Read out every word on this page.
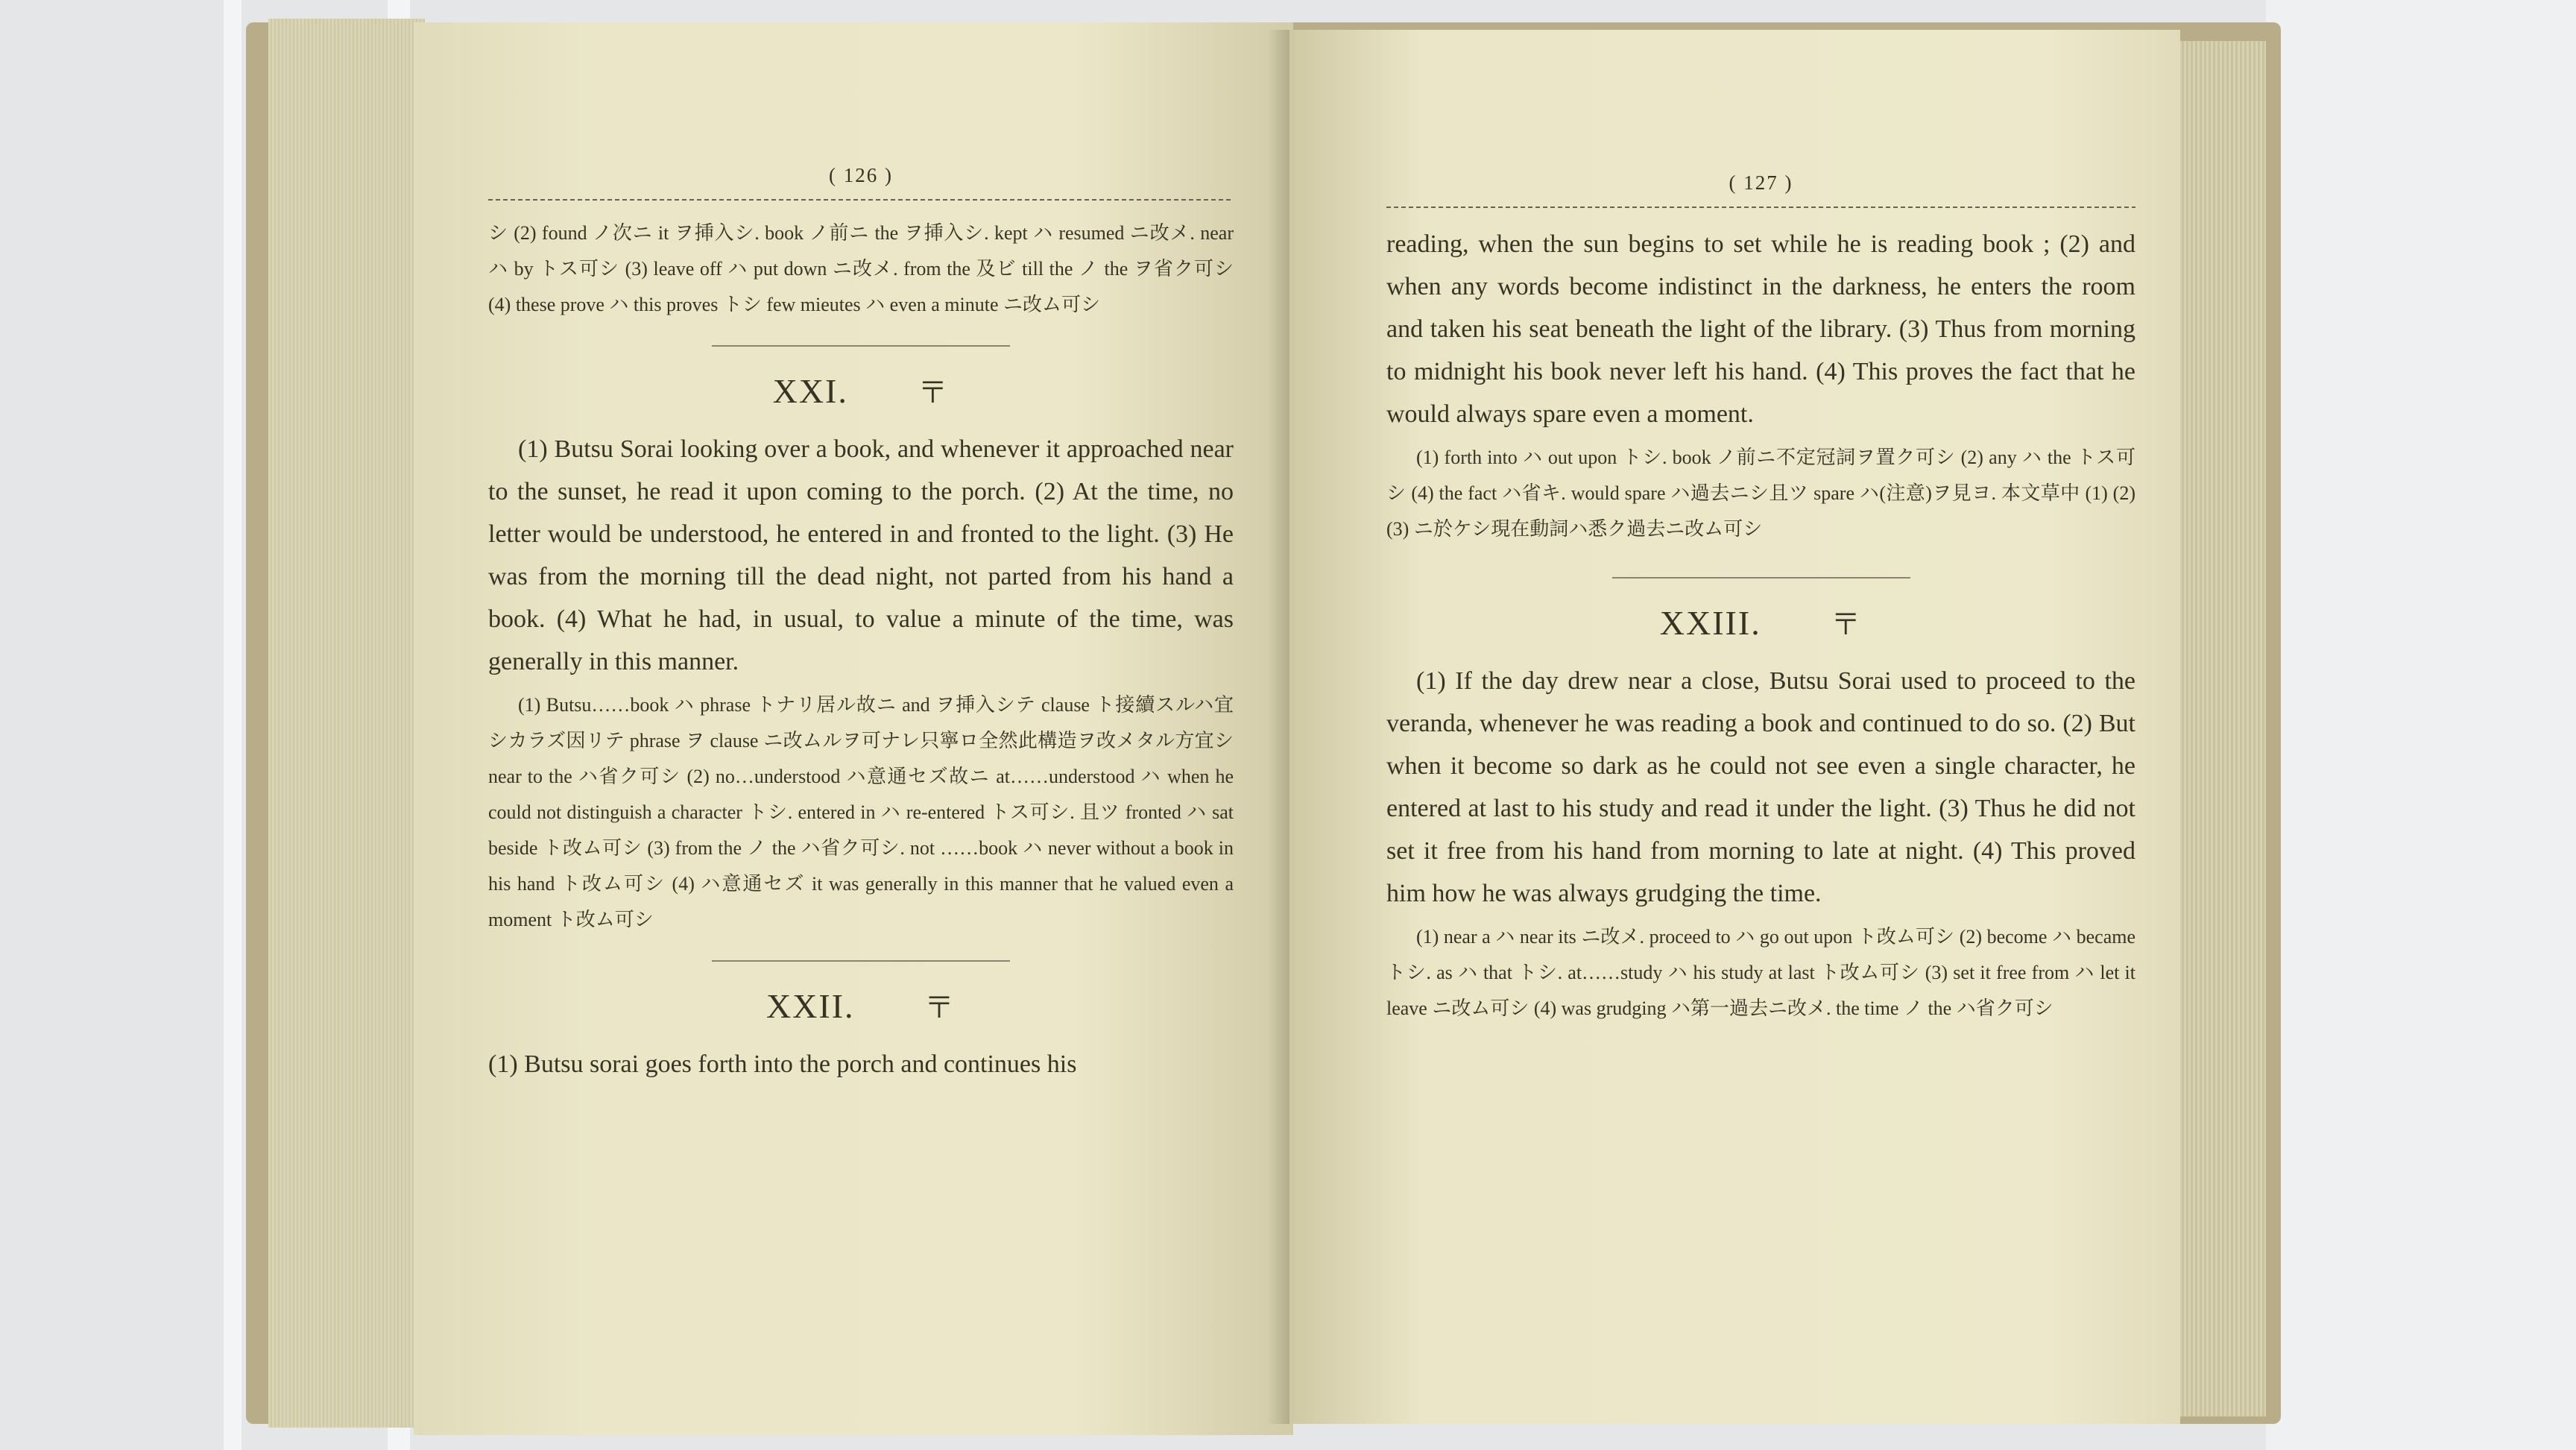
( 126 )

シ (2) found ノ次ニ it ヲ挿入シ. book ノ前ニ the ヲ挿入シ. kept ハ resumed ニ改メ. near ハ by トス可シ (3) leave off ハ put down ニ改メ. from the 及ビ till the ノ the ヲ省ク可シ (4) these prove ハ this proves トシ few mieutes ハ even a minute ニ改ム可シ

XXI. 〒

(1) Butsu Sorai looking over a book, and whenever it approached near to the sunset, he read it upon coming to the porch. (2) At the time, no letter would be understood, he entered in and fronted to the light. (3) He was from the morning till the dead night, not parted from his hand a book. (4) What he had, in usual, to value a minute of the time, was generally in this manner.

(1) Butsu……book ハ phrase トナリ居ル故ニ and ヲ挿入シテ clause ト接續スルハ宜シカラズ因リテ phrase ヲ clause ニ改ムルヲ可ナレ只寧ロ全然此構造ヲ改メタル方宜シ near to the ハ省ク可シ (2) no…understood ハ意通セズ故ニ at……understood ハ when he could not distinguish a character トシ. entered in ハ re-entered トス可シ. 且ツ fronted ハ sat beside ト改ム可シ (3) from the ノ the ハ省ク可シ. not ……book ハ never without a book in his hand ト改ム可シ (4) ハ意通セズ it was generally in this manner that he valued even a moment ト改ム可シ

XXII. 〒

(1) Butsu sorai goes forth into the porch and continues his

( 127 )

reading, when the sun begins to set while he is reading book ; (2) and when any words become indistinct in the darkness, he enters the room and taken his seat beneath the light of the library. (3) Thus from morning to midnight his book never left his hand. (4) This proves the fact that he would always spare even a moment.

(1) forth into ハ out upon トシ. book ノ前ニ不定冠詞ヲ置ク可シ (2) any ハ the トス可シ (4) the fact ハ省キ. would spare ハ過去ニシ且ツ spare ハ(注意)ヲ見ヨ. 本文草中 (1) (2) (3) ニ於ケシ現在動詞ハ悉ク過去ニ改ム可シ

XXIII. 〒

(1) If the day drew near a close, Butsu Sorai used to proceed to the veranda, whenever he was reading a book and continued to do so. (2) But when it become so dark as he could not see even a single character, he entered at last to his study and read it under the light. (3) Thus he did not set it free from his hand from morning to late at night. (4) This proved him how he was always grudging the time.

(1) near a ハ near its ニ改メ. proceed to ハ go out upon ト改ム可シ (2) become ハ became トシ. as ハ that トシ. at……study ハ his study at last ト改ム可シ (3) set it free from ハ let it leave ニ改ム可シ (4) was grudging ハ第一過去ニ改メ. the time ノ the ハ省ク可シ
